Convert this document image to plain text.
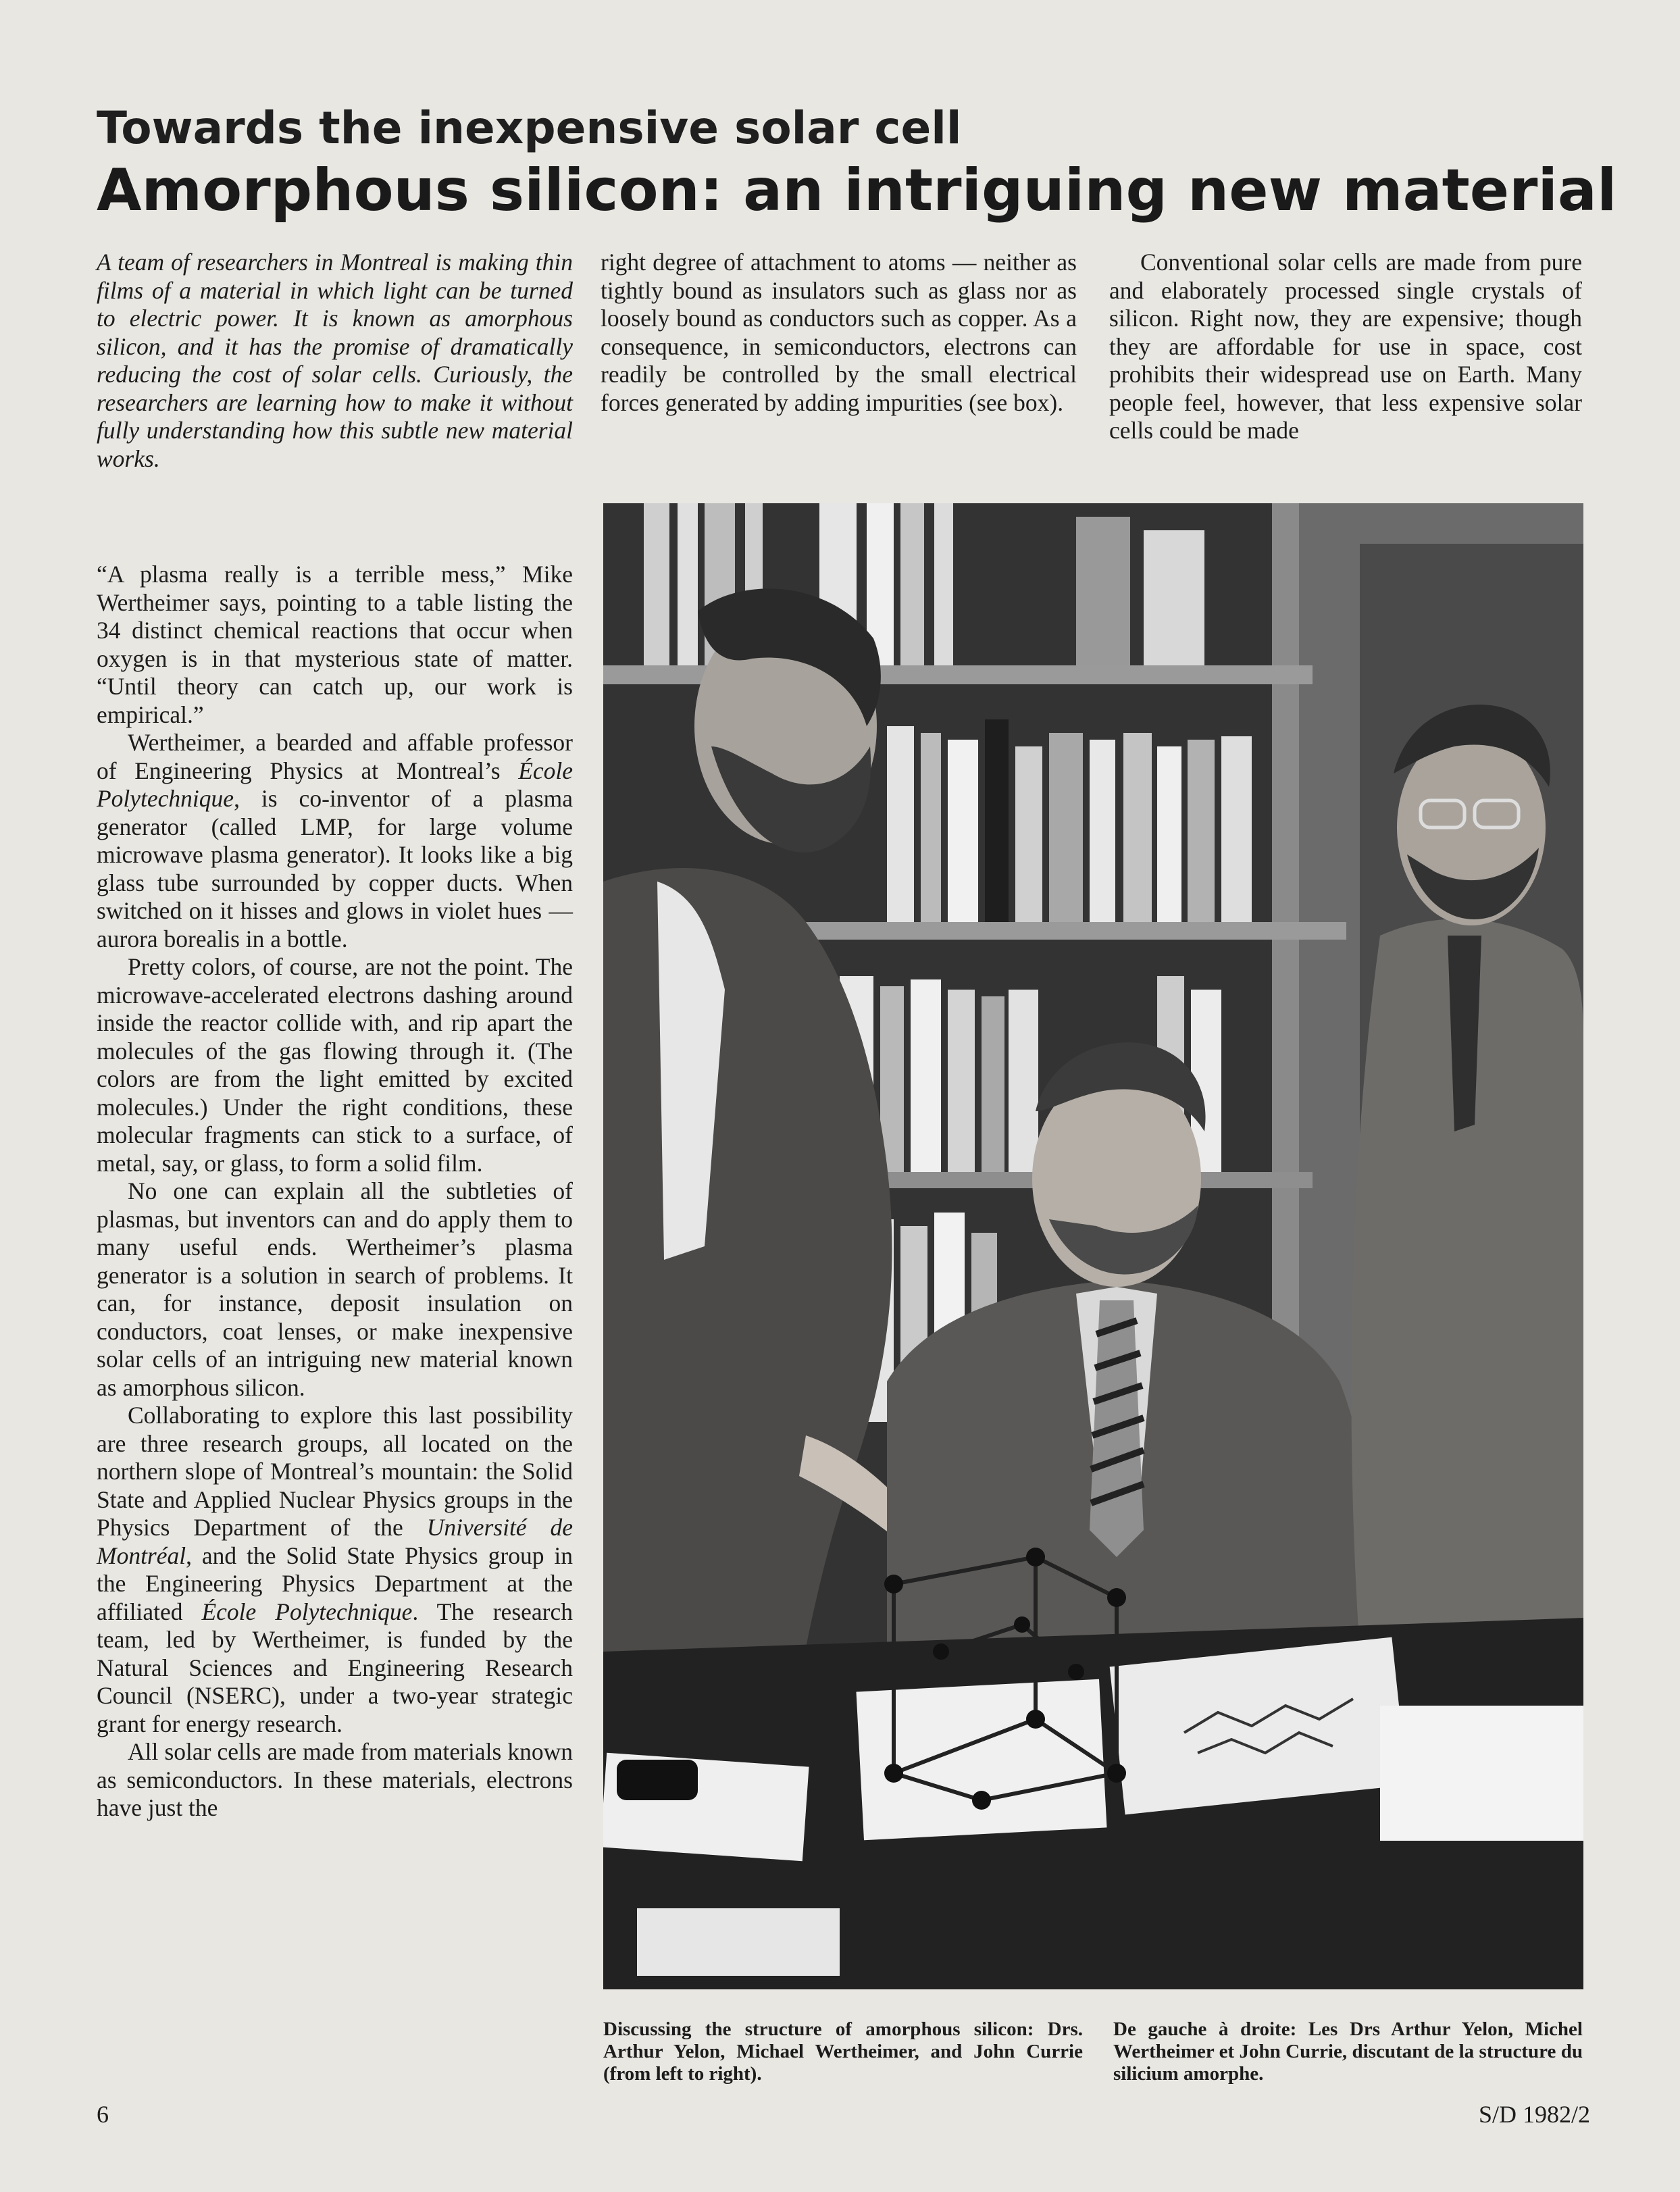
Towards the inexpensive solar cell
Amorphous silicon: an intriguing new material

A team of researchers in Montreal is making thin films of a material in which light can be turned to electric power. It is known as amorphous silicon, and it has the promise of dramatically reducing the cost of solar cells. Curiously, the researchers are learning how to make it without fully understanding how this subtle new material works.

“A plasma really is a terrible mess,” Mike Wertheimer says, pointing to a table listing the 34 distinct chemical reactions that occur when oxygen is in that mysterious state of matter. “Until theory can catch up, our work is empirical.”

Wertheimer, a bearded and affable professor of Engineering Physics at Montreal’s École Polytechnique, is co-inventor of a plasma generator (called LMP, for large volume microwave plasma generator). It looks like a big glass tube surrounded by copper ducts. When switched on it hisses and glows in violet hues — aurora borealis in a bottle.

Pretty colors, of course, are not the point. The microwave-accelerated electrons dashing around inside the reactor collide with, and rip apart the molecules of the gas flowing through it. (The colors are from the light emitted by excited molecules.) Under the right conditions, these molecular fragments can stick to a surface, of metal, say, or glass, to form a solid film.

No one can explain all the subtleties of plasmas, but inventors can and do apply them to many useful ends. Wertheimer’s plasma generator is a solution in search of problems. It can, for instance, deposit insulation on conductors, coat lenses, or make inexpensive solar cells of an intriguing new material known as amorphous silicon.

Collaborating to explore this last possibility are three research groups, all located on the northern slope of Montreal’s mountain: the Solid State and Applied Nuclear Physics groups in the Physics Department of the Université de Montréal, and the Solid State Physics group in the Engineering Physics Department at the affiliated École Polytechnique. The research team, led by Wertheimer, is funded by the Natural Sciences and Engineering Research Council (NSERC), under a two-year strategic grant for energy research.

All solar cells are made from materials known as semiconductors. In these materials, electrons have just the

right degree of attachment to atoms — neither as tightly bound as insulators such as glass nor as loosely bound as conductors such as copper. As a consequence, in semiconductors, electrons can readily be controlled by the small electrical forces generated by adding impurities (see box).

Conventional solar cells are made from pure and elaborately processed single crystals of silicon. Right now, they are expensive; though they are affordable for use in space, cost prohibits their widespread use on Earth. Many people feel, however, that less expensive solar cells could be made

Discussing the structure of amorphous silicon: Drs. Arthur Yelon, Michael Wertheimer, and John Currie (from left to right).
De gauche à droite: Les Drs Arthur Yelon, Michel Wertheimer et John Currie, discutant de la structure du silicium amorphe.
6	S/D 1982/2
